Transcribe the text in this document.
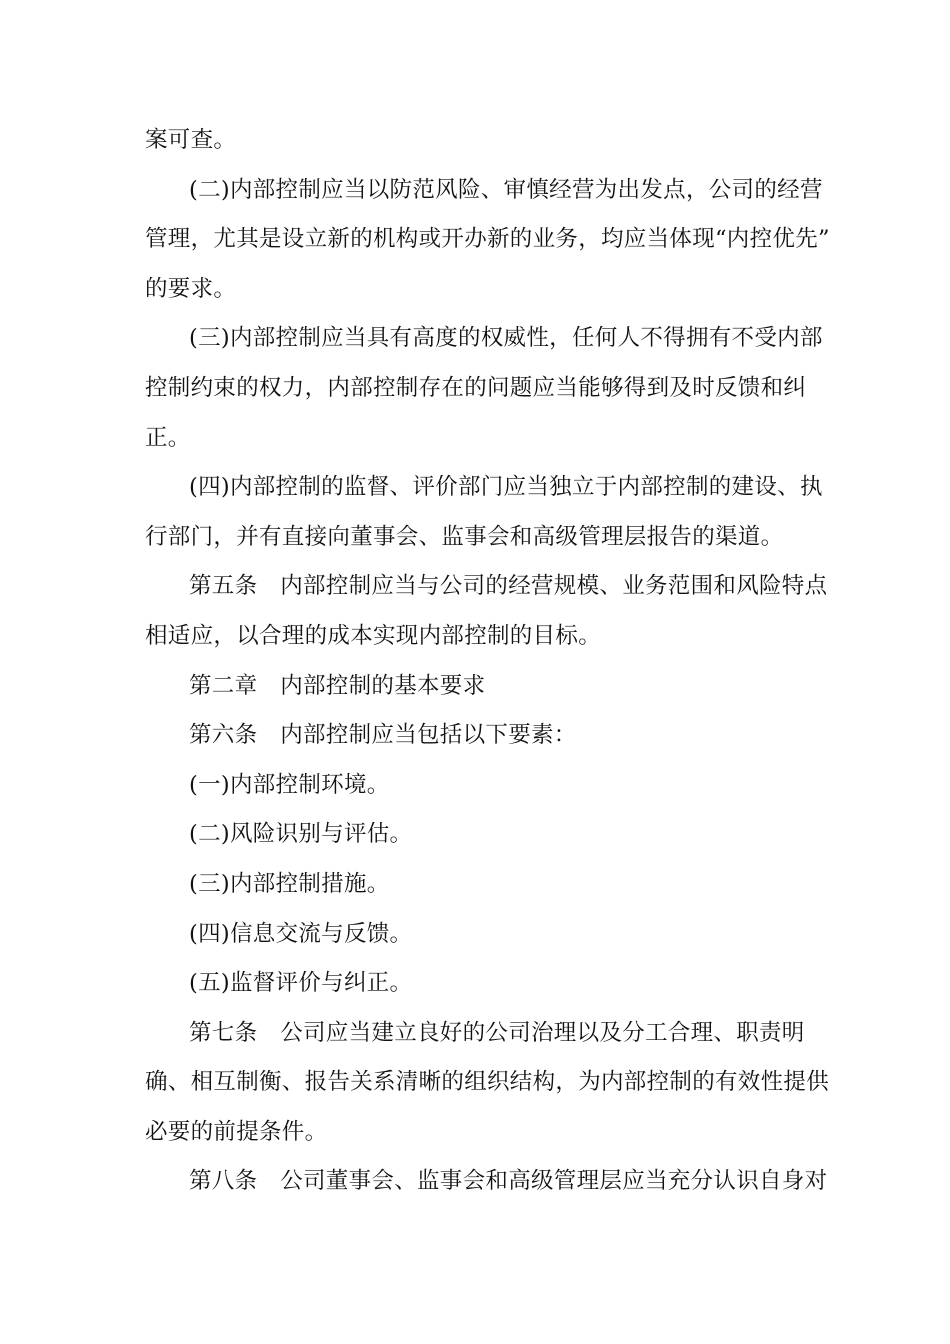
案可查。
(二)内部控制应当以防范风险、审慎经营为出发点，公司的经营
管理，尤其是设立新的机构或开办新的业务，均应当体现“内控优先”
的要求。
(三)内部控制应当具有高度的权威性，任何人不得拥有不受内部
控制约束的权力，内部控制存在的问题应当能够得到及时反馈和纠
正。
(四)内部控制的监督、评价部门应当独立于内部控制的建设、执
行部门，并有直接向董事会、监事会和高级管理层报告的渠道。
第五条　内部控制应当与公司的经营规模、业务范围和风险特点
相适应，以合理的成本实现内部控制的目标。
第二章　内部控制的基本要求
第六条　内部控制应当包括以下要素：
(一)内部控制环境。
(二)风险识别与评估。
(三)内部控制措施。
(四)信息交流与反馈。
(五)监督评价与纠正。
第七条　公司应当建立良好的公司治理以及分工合理、职责明
确、相互制衡、报告关系清晰的组织结构，为内部控制的有效性提供
必要的前提条件。
第八条　公司董事会、监事会和高级管理层应当充分认识自身对
